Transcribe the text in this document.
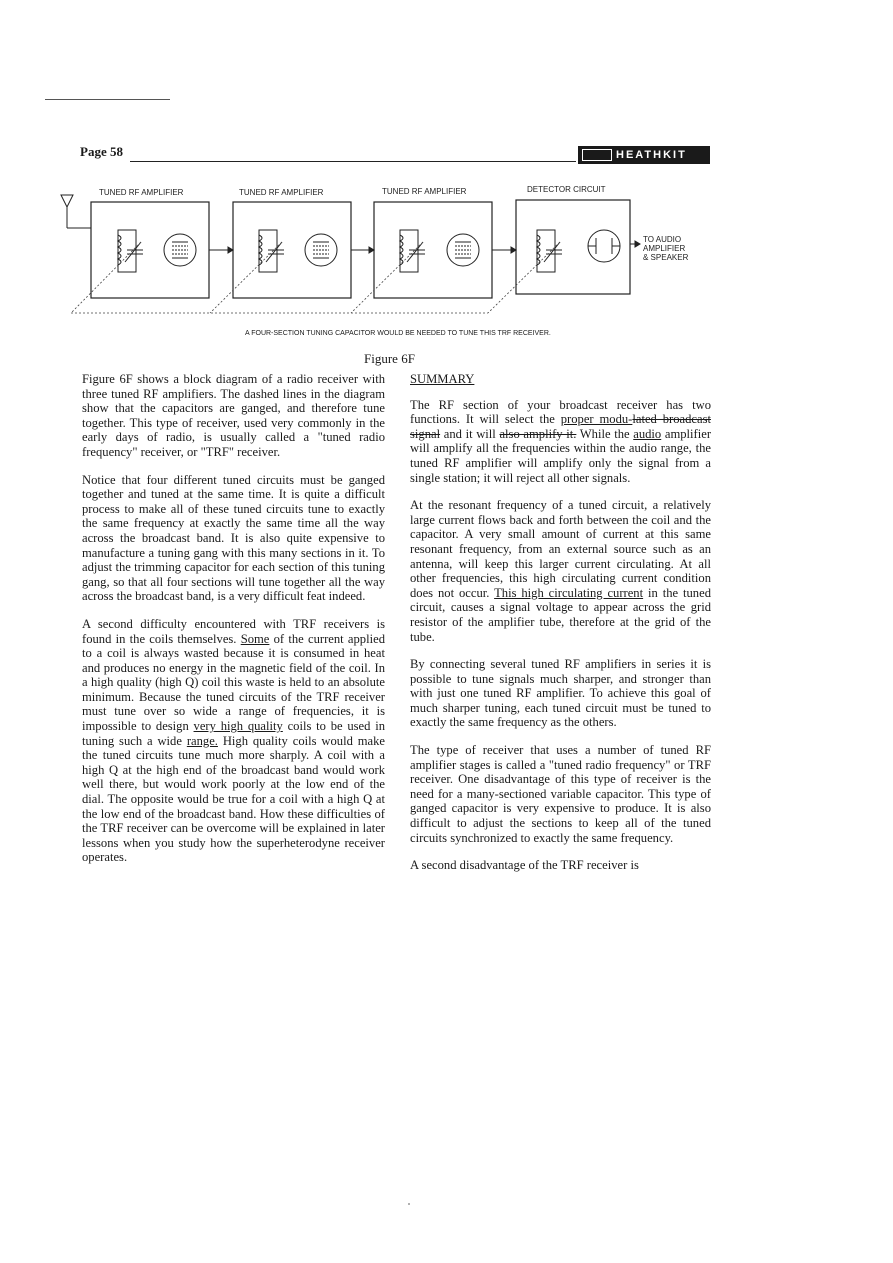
Page 58	HEATHKIT
TUNED RF AMPLIFIER	TUNED RF AMPLIFIER	TUNED RF AMPLIFIER	DETECTOR CIRCUIT
TO AUDIO
AMPLIFIER
& SPEAKER
A FOUR-SECTION TUNING CAPACITOR WOULD BE NEEDED TO TUNE THIS TRF RECEIVER.
Figure 6F

Figure 6F shows a block diagram of a radio receiver with three tuned RF amplifiers. The dashed lines in the diagram show that the capacitors are ganged, and therefore tune together. This type of receiver, used very commonly in the early days of radio, is usually called a "tuned radio frequency" receiver, or "TRF" receiver.

Notice that four different tuned circuits must be ganged together and tuned at the same time. It is quite a difficult process to make all of these tuned circuits tune to exactly the same frequency at exactly the same time all the way across the broadcast band. It is also quite expensive to manufacture a tuning gang with this many sections in it. To adjust the trimming capacitor for each section of this tuning gang, so that all four sections will tune together all the way across the broadcast band, is a very difficult feat indeed.

A second difficulty encountered with TRF receivers is found in the coils themselves. Some of the current applied to a coil is always wasted because it is consumed in heat and produces no energy in the magnetic field of the coil. In a high quality (high Q) coil this waste is held to an absolute minimum. Because the tuned circuits of the TRF receiver must tune over so wide a range of frequencies, it is impossible to design very high quality coils to be used in tuning such a wide range. High quality coils would make the tuned circuits tune much more sharply. A coil with a high Q at the high end of the broadcast band would work well there, but would work poorly at the low end of the dial. The opposite would be true for a coil with a high Q at the low end of the broadcast band. How these difficulties of the TRF receiver can be overcome will be explained in later lessons when you study how the superheterodyne receiver operates.

SUMMARY

The RF section of your broadcast receiver has two functions. It will select the proper modu-lated broadcast signal and it will also amplify it. While the audio amplifier will amplify all the frequencies within the audio range, the tuned RF amplifier will amplify only the signal from a single station; it will reject all other signals.

At the resonant frequency of a tuned circuit, a relatively large current flows back and forth between the coil and the capacitor. A very small amount of current at this same resonant frequency, from an external source such as an antenna, will keep this larger current circulating. At all other frequencies, this high circulating current condition does not occur. This high circulating current in the tuned circuit, causes a signal voltage to appear across the grid resistor of the amplifier tube, therefore at the grid of the tube.

By connecting several tuned RF amplifiers in series it is possible to tune signals much sharper, and stronger than with just one tuned RF amplifier. To achieve this goal of much sharper tuning, each tuned circuit must be tuned to exactly the same frequency as the others.

The type of receiver that uses a number of tuned RF amplifier stages is called a "tuned radio frequency" or TRF receiver. One disadvantage of this type of receiver is the need for a many-sectioned variable capacitor. This type of ganged capacitor is very expensive to produce. It is also difficult to adjust the sections to keep all of the tuned circuits synchronized to exactly the same frequency.

A second disadvantage of the TRF receiver is
